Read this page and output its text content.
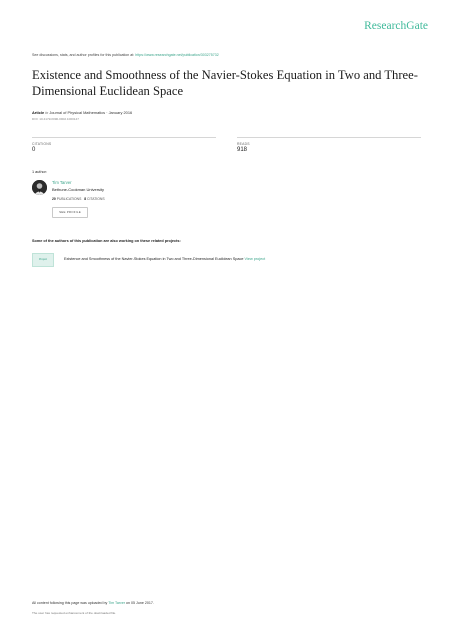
ResearchGate
See discussions, stats, and author profiles for this publication at: https://www.researchgate.net/publication/303275732
Existence and Smoothness of the Navier-Stokes Equation in Two and Three-Dimensional Euclidean Space
Article in Journal of Physical Mathematics · January 2016
DOI: 10.4172/2090-0902.1000147
CITATIONS
0
READS
918
1 author:
Tim Tarver
Bethune-Cookman University
20 PUBLICATIONS 8 CITATIONS
SEE PROFILE
Some of the authors of this publication are also working on these related projects:
Project	Existence and Smoothness of the Navier-Stokes Equation in Two and Three-Dimensional Euclidean Space View project
All content following this page was uploaded by Tim Tarver on 05 June 2017.
The user has requested enhancement of the downloaded file.
